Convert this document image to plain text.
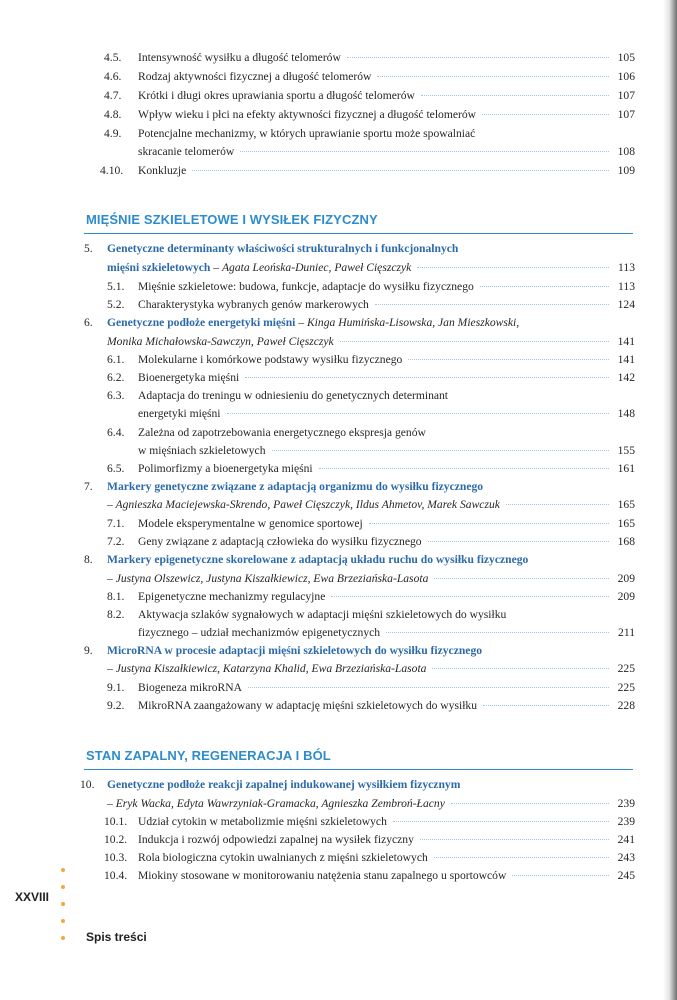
4.5. Intensywność wysiłku a długość telomerów	105
4.6. Rodzaj aktywności fizycznej a długość telomerów	106
4.7. Krótki i długi okres uprawiania sportu a długość telomerów	107
4.8. Wpływ wieku i płci na efekty aktywności fizycznej a długość telomerów	107
4.9. Potencjalne mechanizmy, w których uprawianie sportu może spowalniać
skracanie telomerów	108
4.10. Konkluzje	109
MIĘŚNIE SZKIELETOWE I WYSIŁEK FIZYCZNY
5. Genetyczne determinanty właściwości strukturalnych i funkcjonalnych
mięśni szkieletowych – Agata Leońska-Duniec, Paweł Cięszczyk	113
5.1. Mięśnie szkieletowe: budowa, funkcje, adaptacje do wysiłku fizycznego	113
5.2. Charakterystyka wybranych genów markerowych	124
6. Genetyczne podłoże energetyki mięśni – Kinga Humińska-Lisowska, Jan Mieszkowski,
Monika Michałowska-Sawczyn, Paweł Cięszczyk	141
6.1. Molekularne i komórkowe podstawy wysiłku fizycznego	141
6.2. Bioenergetyka mięśni	142
6.3. Adaptacja do treningu w odniesieniu do genetycznych determinant
energetyki mięśni	148
6.4. Zależna od zapotrzebowania energetycznego ekspresja genów
w mięśniach szkieletowych	155
6.5. Polimorfizmy a bioenergetyka mięśni	161
7. Markery genetyczne związane z adaptacją organizmu do wysiłku fizycznego
– Agnieszka Maciejewska-Skrendo, Paweł Cięszczyk, Ildus Ahmetov, Marek Sawczuk	165
7.1. Modele eksperymentalne w genomice sportowej	165
7.2. Geny związane z adaptacją człowieka do wysiłku fizycznego	168
8. Markery epigenetyczne skorelowane z adaptacją układu ruchu do wysiłku fizycznego
– Justyna Olszewicz, Justyna Kiszałkiewicz, Ewa Brzeziańska-Lasota	209
8.1. Epigenetyczne mechanizmy regulacyjne	209
8.2. Aktywacja szlaków sygnałowych w adaptacji mięśni szkieletowych do wysiłku
fizycznego – udział mechanizmów epigenetycznych	211
9. MicroRNA w procesie adaptacji mięśni szkieletowych do wysiłku fizycznego
– Justyna Kiszałkiewicz, Katarzyna Khalid, Ewa Brzeziańska-Lasota	225
9.1. Biogeneza mikroRNA	225
9.2. MikroRNA zaangażowany w adaptację mięśni szkieletowych do wysiłku	228
STAN ZAPALNY, REGENERACJA I BÓL
10. Genetyczne podłoże reakcji zapalnej indukowanej wysiłkiem fizycznym
– Eryk Wacka, Edyta Wawrzyniak-Gramacka, Agnieszka Zembroń-Łacny	239
10.1. Udział cytokin w metabolizmie mięśni szkieletowych	239
10.2. Indukcja i rozwój odpowiedzi zapalnej na wysiłek fizyczny	241
10.3. Rola biologiczna cytokin uwalnianych z mięśni szkieletowych	243
10.4. Miokiny stosowane w monitorowaniu natężenia stanu zapalnego u sportowców	245
XXVIII
Spis treści
